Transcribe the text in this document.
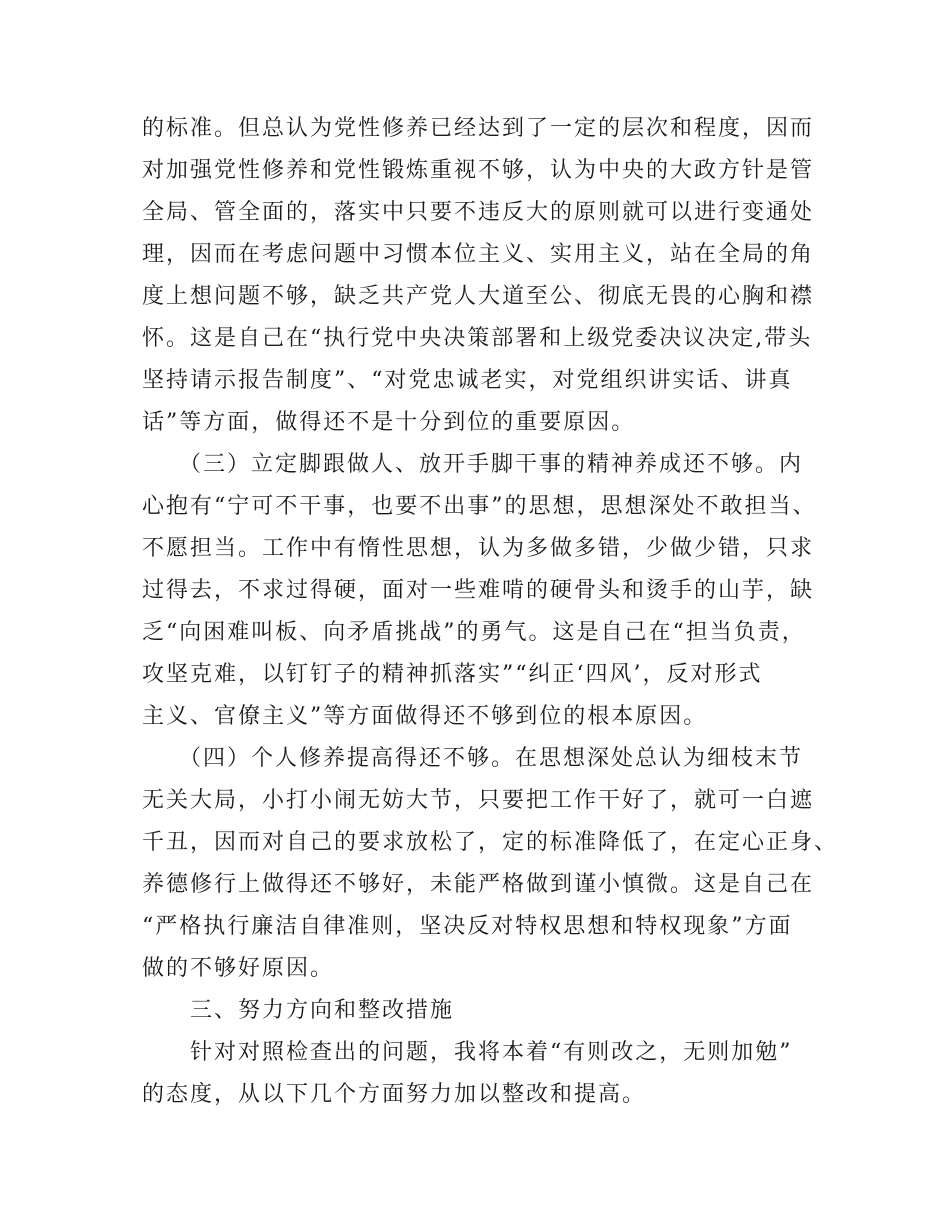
的标准。但总认为党性修养已经达到了一定的层次和程度，因而
对加强党性修养和党性锻炼重视不够，认为中央的大政方针是管
全局、管全面的，落实中只要不违反大的原则就可以进行变通处
理，因而在考虑问题中习惯本位主义、实用主义，站在全局的角
度上想问题不够，缺乏共产党人大道至公、彻底无畏的心胸和襟
怀。这是自己在“执行党中央决策部署和上级党委决议决定,带头
坚持请示报告制度”、“对党忠诚老实，对党组织讲实话、讲真
话”等方面，做得还不是十分到位的重要原因。
　　（三）立定脚跟做人、放开手脚干事的精神养成还不够。内
心抱有“宁可不干事，也要不出事”的思想，思想深处不敢担当、
不愿担当。工作中有惰性思想，认为多做多错，少做少错，只求
过得去，不求过得硬，面对一些难啃的硬骨头和烫手的山芋，缺
乏“向困难叫板、向矛盾挑战”的勇气。这是自己在“担当负责，
攻坚克难，以钉钉子的精神抓落实”“纠正‘四风’，反对形式
主义、官僚主义”等方面做得还不够到位的根本原因。
　　（四）个人修养提高得还不够。在思想深处总认为细枝末节
无关大局，小打小闹无妨大节，只要把工作干好了，就可一白遮
千丑，因而对自己的要求放松了，定的标准降低了，在定心正身、
养德修行上做得还不够好，未能严格做到谨小慎微。这是自己在
“严格执行廉洁自律准则，坚决反对特权思想和特权现象”方面
做的不够好原因。
　　三、努力方向和整改措施
　　针对对照检查出的问题，我将本着“有则改之，无则加勉”
的态度，从以下几个方面努力加以整改和提高。
